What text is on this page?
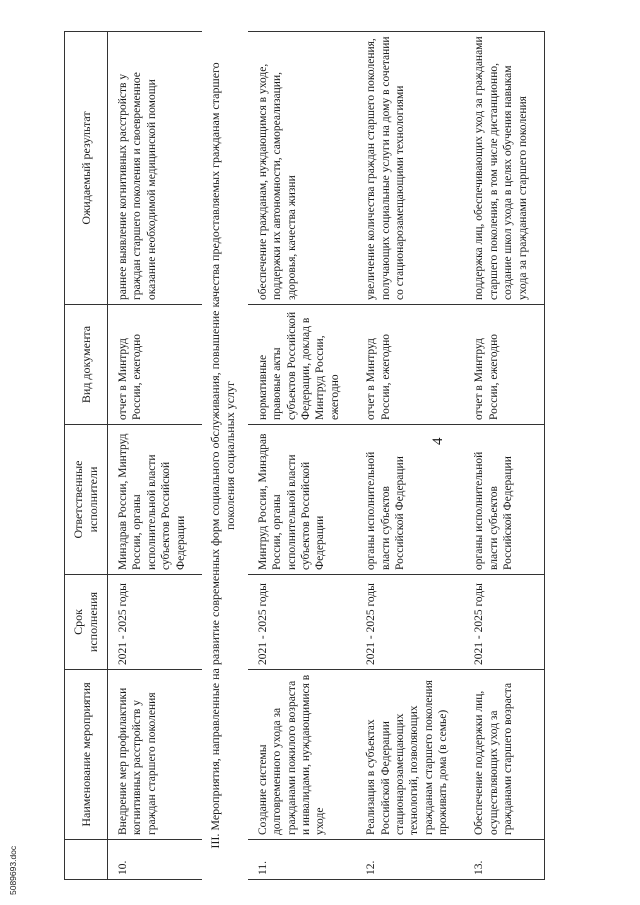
4
	Наименование мероприятия	Срок исполнения	Ответственные исполнители	Вид документа	Ожидаемый результат
10.	Внедрение мер профилактики когнитивных расстройств у граждан старшего поколения	2021 - 2025 годы	Минздрав России, Минтруд России, органы исполнительной власти субъектов Российской Федерации	отчет в Минтруд России, ежегодно	раннее выявление когнитивных расстройств у граждан старшего поколения и своевременное оказание необходимой медицинской помощи
III. Мероприятия, направленные на развитие современных форм социального обслуживания, повышение качества предоставляемых гражданам старшего поколения социальных услуг					
11.	Создание системы долговременного ухода за гражданами пожилого возраста и инвалидами, нуждающимися в уходе	2021 - 2025 годы	Минтруд России, Минздрав России, органы исполнительной власти субъектов Российской Федерации	нормативные правовые акты субъектов Российской Федерации, доклад в Минтруд России, ежегодно	обеспечение гражданам, нуждающимся в уходе, поддержки их автономности, самореализации, здоровья, качества жизни
12.	Реализация в субъектах Российской Федерации стационарозамещающих технологий, позволяющих гражданам старшего поколения проживать дома (в семье)	2021 - 2025 годы	органы исполнительной власти субъектов Российской Федерации	отчет в Минтруд России, ежегодно	увеличение количества граждан старшего поколения, получающих социальные услуги на дому в сочетании со стационарозамещающими технологиями
13.	Обеспечение поддержки лиц, осуществляющих уход за гражданами старшего возраста	2021 - 2025 годы	органы исполнительной власти субъектов Российской Федерации	отчет в Минтруд России, ежегодно	поддержка лиц, обеспечивающих уход за гражданами старшего поколения, в том числе дистанционно, создание школ ухода в целях обучения навыкам ухода за гражданами старшего поколения
5089693.doc
